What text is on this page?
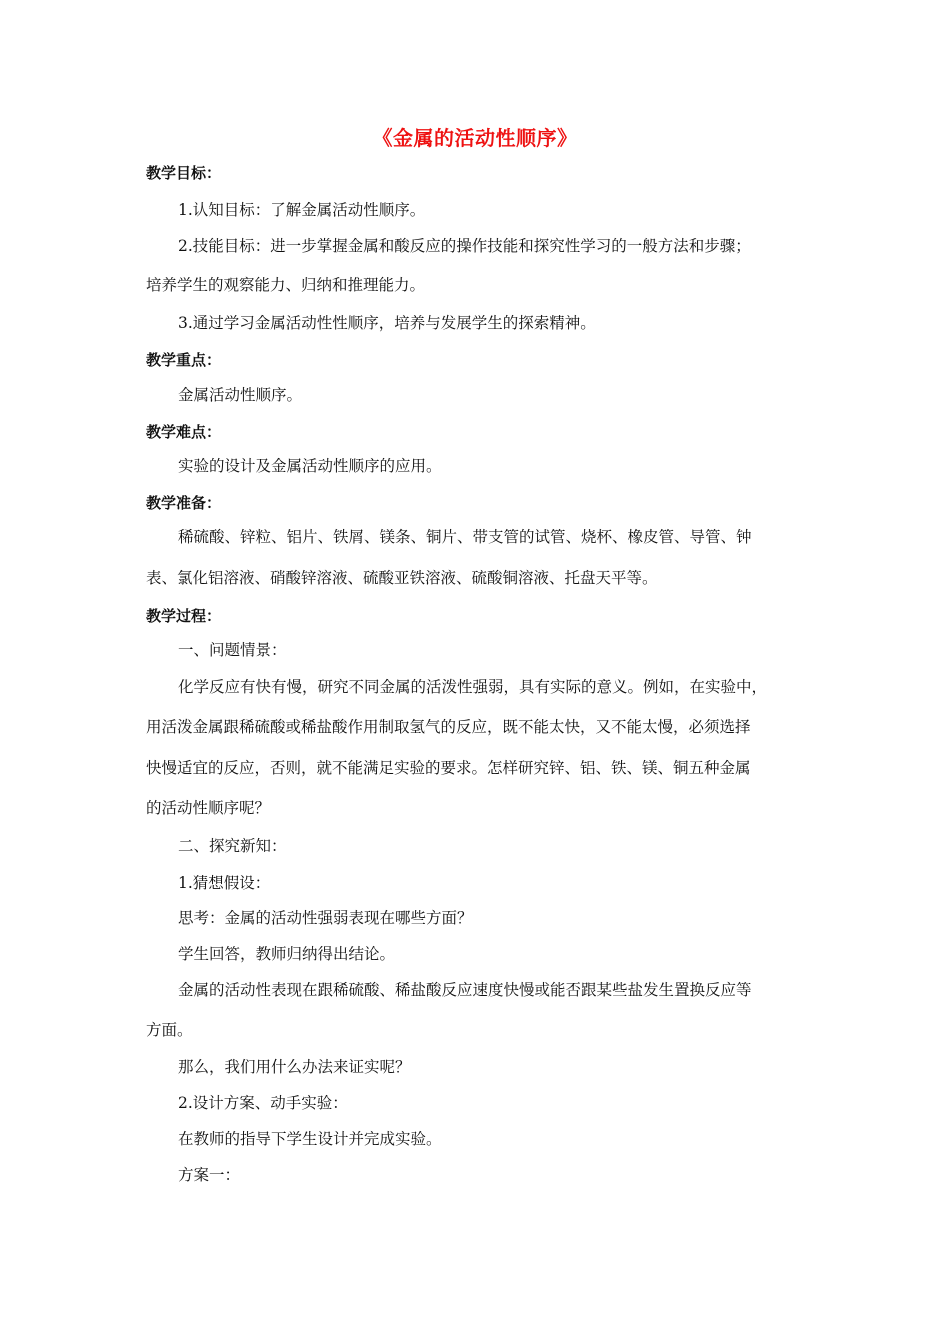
《金属的活动性顺序》
教学目标：
1.认知目标：了解金属活动性顺序。
2.技能目标：进一步掌握金属和酸反应的操作技能和探究性学习的一般方法和步骤；
培养学生的观察能力、归纳和推理能力。
3.通过学习金属活动性性顺序，培养与发展学生的探索精神。
教学重点：
金属活动性顺序。
教学难点：
实验的设计及金属活动性顺序的应用。
教学准备：
稀硫酸、锌粒、铝片、铁屑、镁条、铜片、带支管的试管、烧杯、橡皮管、导管、钟
表、氯化铝溶液、硝酸锌溶液、硫酸亚铁溶液、硫酸铜溶液、托盘天平等。
教学过程：
一、问题情景：
化学反应有快有慢，研究不同金属的活泼性强弱，具有实际的意义。例如，在实验中，
用活泼金属跟稀硫酸或稀盐酸作用制取氢气的反应，既不能太快，又不能太慢，必须选择
快慢适宜的反应，否则，就不能满足实验的要求。怎样研究锌、铝、铁、镁、铜五种金属
的活动性顺序呢？
二、探究新知：
1.猜想假设：
思考：金属的活动性强弱表现在哪些方面？
学生回答，教师归纳得出结论。
金属的活动性表现在跟稀硫酸、稀盐酸反应速度快慢或能否跟某些盐发生置换反应等
方面。
那么，我们用什么办法来证实呢？
2.设计方案、动手实验：
在教师的指导下学生设计并完成实验。
方案一：
